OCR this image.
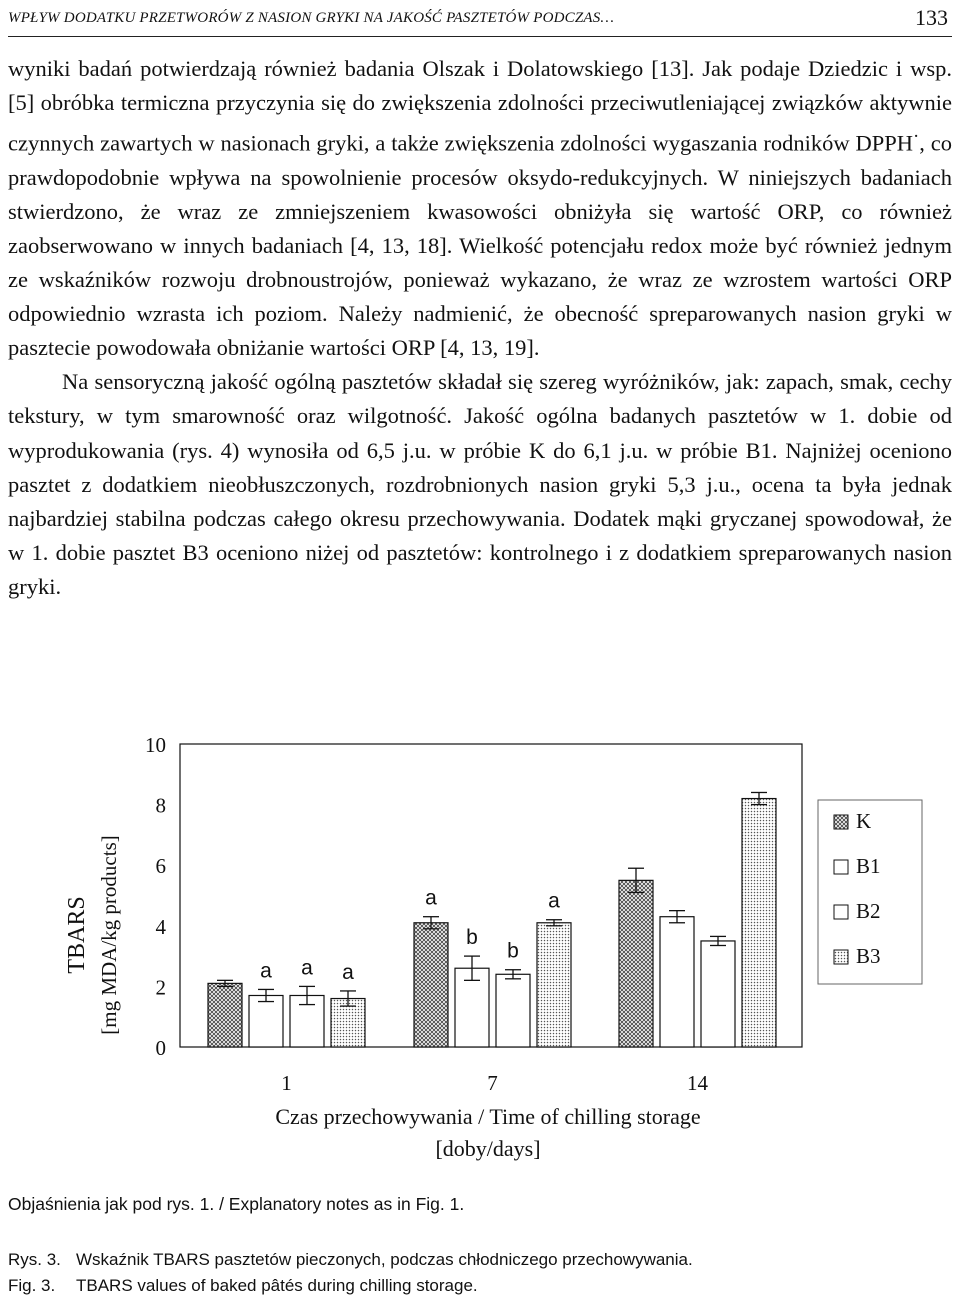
WPŁYW DODATKU PRZETWORÓW Z NASION GRYKI NA JAKOŚĆ PASZTETÓW PODCZAS…	133

wyniki badań potwierdzają również badania Olszak i Dolatowskiego [13]. Jak podaje Dziedzic i wsp. [5] obróbka termiczna przyczynia się do zwiększenia zdolności przeciwutleniającej związków aktywnie czynnych zawartych w nasionach gryki, a także zwiększenia zdolności wygaszania rodników DPPH·, co prawdopodobnie wpływa na spowolnienie procesów oksydo-redukcyjnych. W niniejszych badaniach stwierdzono, że wraz ze zmniejszeniem kwasowości obniżyła się wartość ORP, co również zaobserwowano w innych badaniach [4, 13, 18]. Wielkość potencjału redox może być również jednym ze wskaźników rozwoju drobnoustrojów, ponieważ wykazano, że wraz ze wzrostem wartości ORP odpowiednio wzrasta ich poziom. Należy nadmienić, że obecność spreparowanych nasion gryki w pasztecie powodowała obniżanie wartości ORP [4, 13, 19].

Na sensoryczną jakość ogólną pasztetów składał się szereg wyróżników, jak: zapach, smak, cechy tekstury, w tym smarowność oraz wilgotność. Jakość ogólna badanych pasztetów w 1. dobie od wyprodukowania (rys. 4) wynosiła od 6,5 j.u. w próbie K do 6,1 j.u. w próbie B1. Najniżej oceniono pasztet z dodatkiem nieobłuszczonych, rozdrobnionych nasion gryki 5,3 j.u., ocena ta była jednak najbardziej stabilna podczas całego okresu przechowywania. Dodatek mąki gryczanej spowodował, że w 1. dobie pasztet B3 oceniono niżej od pasztetów: kontrolnego i z dodatkiem spreparowanych nasion gryki.

0
2
4
6
8
10
a a a
1
a
b
b
a
7	14
K
B1
B2
B3
TBARS [mg MDA/kg products]
Czas przechowywania / Time of chilling storage
[doby/days]
Objaśnienia jak pod rys. 1. / Explanatory notes as in Fig. 1.
Rys. 3. Wskaźnik TBARS pasztetów pieczonych, podczas chłodniczego przechowywania.
Fig. 3. TBARS values of baked pâtés during chilling storage.
